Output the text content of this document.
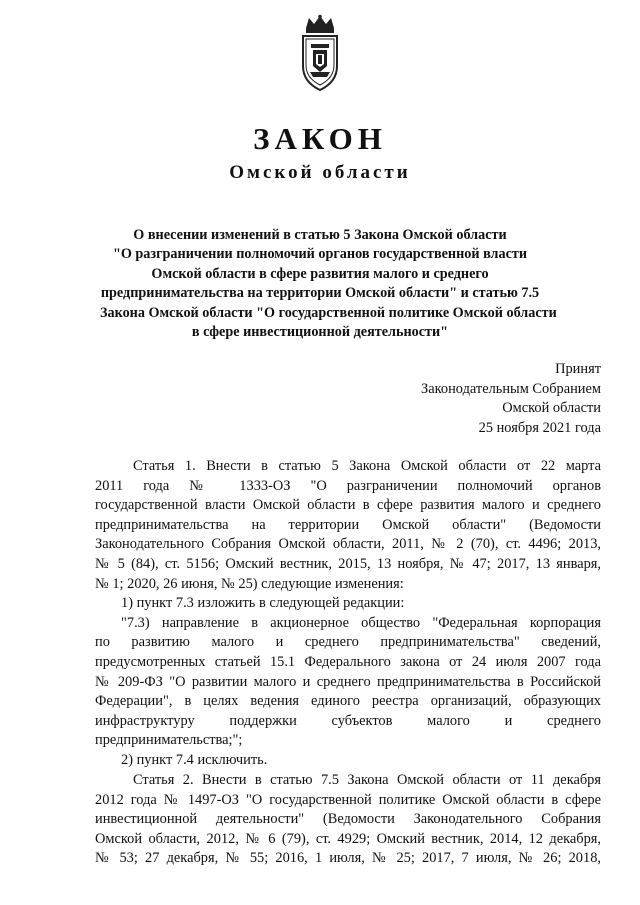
ЗАКОН
Омской области
О внесении изменений в статью 5 Закона Омской области
"О разграничении полномочий органов государственной власти
Омской области в сфере развития малого и среднего
предпринимательства на территории Омской области" и статью 7.5
Закона Омской области "О государственной политике Омской области
в сфере инвестиционной деятельности"
Принят
Законодательным Собранием
Омской области
25 ноября 2021 года
Статья 1. Внести в статью 5 Закона Омской области от 22 марта
2011 года № 1333-ОЗ "О разграничении полномочий органов
государственной власти Омской области в сфере развития малого и среднего
предпринимательства на территории Омской области" (Ведомости
Законодательного Собрания Омской области, 2011, № 2 (70), ст. 4496; 2013,
№ 5 (84), ст. 5156; Омский вестник, 2015, 13 ноября, № 47; 2017, 13 января,
№ 1; 2020, 26 июня, № 25) следующие изменения:
1) пункт 7.3 изложить в следующей редакции:
"7.3) направление в акционерное общество "Федеральная корпорация
по развитию малого и среднего предпринимательства" сведений,
предусмотренных статьей 15.1 Федерального закона от 24 июля 2007 года
№ 209-ФЗ "О развитии малого и среднего предпринимательства в Российской
Федерации", в целях ведения единого реестра организаций, образующих
инфраструктуру поддержки субъектов малого и среднего
предпринимательства;";
2) пункт 7.4 исключить.
Статья 2. Внести в статью 7.5 Закона Омской области от 11 декабря
2012 года № 1497-ОЗ "О государственной политике Омской области в сфере
инвестиционной деятельности" (Ведомости Законодательного Собрания
Омской области, 2012, № 6 (79), ст. 4929; Омский вестник, 2014, 12 декабря,
№ 53; 27 декабря, № 55; 2016, 1 июля, № 25; 2017, 7 июля, № 26; 2018,
